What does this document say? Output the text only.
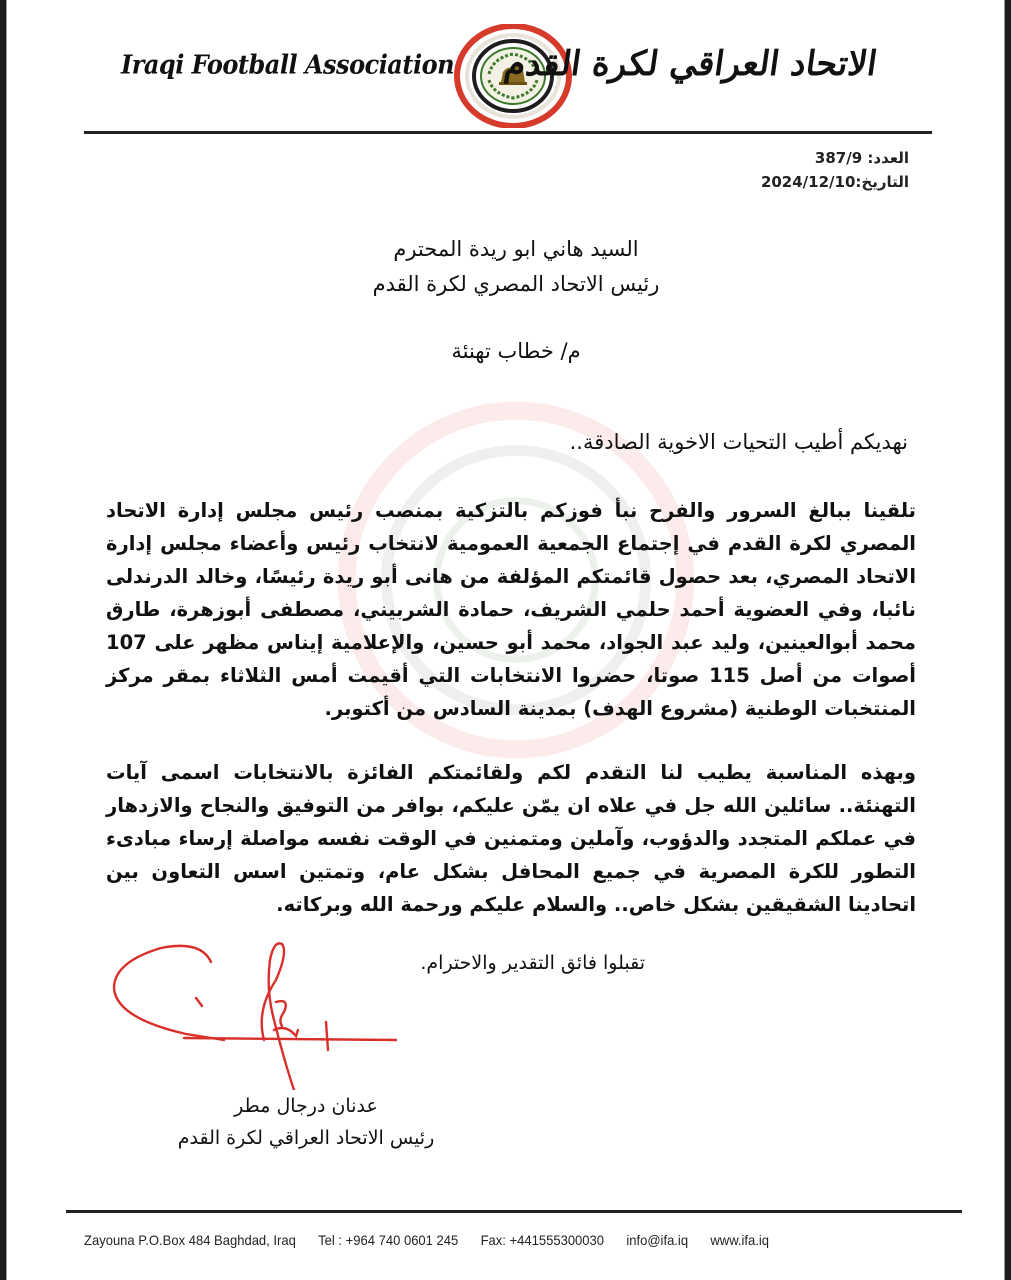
Iraqi Football Association الاتحاد العراقي لكرة القدم
العدد: 387/9
التاريخ:2024/12/10
السيد هاني ابو ريدة المحترم
رئيس الاتحاد المصري لكرة القدم
م/ خطاب تهنئة
نهديكم أطيب التحيات الاخوية الصادقة..
تلقينا ببالغ السرور والفرح نبأ فوزكم بالتزكية بمنصب رئيس مجلس إدارة الاتحاد المصري لكرة القدم في إجتماع الجمعية العمومية لانتخاب رئيس وأعضاء مجلس إدارة الاتحاد المصري، بعد حصول قائمتكم المؤلفة من هانى أبو ريدة رئيسًا، وخالد الدرندلى نائبا، وفي العضوية أحمد حلمي الشريف، حمادة الشربيني، مصطفى أبوزهرة، طارق محمد أبوالعينين، وليد عبد الجواد، محمد أبو حسين، والإعلامية إيناس مظهر على 107 أصوات من أصل 115 صوتا، حضروا الانتخابات التي أقيمت أمس الثلاثاء بمقر مركز المنتخبات الوطنية (مشروع الهدف) بمدينة السادس من أكتوبر.
وبهذه المناسبة يطيب لنا التقدم لكم ولقائمتكم الفائزة بالانتخابات اسمى آيات التهنئة.. سائلين الله جل في علاه ان يمّن عليكم، بوافر من التوفيق والنجاح والازدهار في عملكم المتجدد والدؤوب، وآملين ومتمنين في الوقت نفسه مواصلة إرساء مبادىء التطور للكرة المصرية في جميع المحافل بشكل عام، وتمتين اسس التعاون بين اتحادينا الشقيقين بشكل خاص.. والسلام عليكم ورحمة الله وبركاته.
تقبلوا فائق التقدير والاحترام.
عدنان درجال مطر
رئيس الاتحاد العراقي لكرة القدم
Zayouna P.O.Box 484 Baghdad, Iraq Tel : +964 740 0601 245 Fax: +441555300030 info@ifa.iq www.ifa.iq
